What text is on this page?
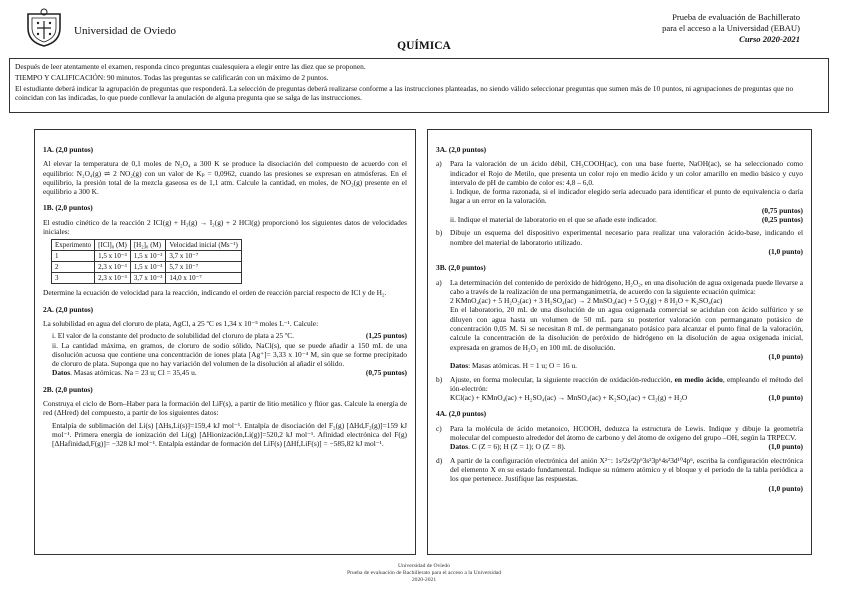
Universidad de Oviedo
Prueba de evaluación de Bachillerato
para el acceso a la Universidad (EBAU)
Curso 2020-2021
QUÍMICA

Después de leer atentamente el examen, responda cinco preguntas cualesquiera a elegir entre las diez que se proponen.

TIEMPO Y CALIFICACIÓN: 90 minutos. Todas las preguntas se calificarán con un máximo de 2 puntos.

El estudiante deberá indicar la agrupación de preguntas que responderá. La selección de preguntas deberá realizarse conforme a las instrucciones planteadas, no siendo válido seleccionar preguntas que sumen más de 10 puntos, ni agrupaciones de preguntas que no coincidan con las indicadas, lo que puede conllevar la anulación de alguna pregunta que se salga de las instrucciones.

1A. (2,0 puntos)
Al elevar la temperatura de 0,1 moles de N₂O₄ a 300 K se produce la disociación del compuesto de acuerdo con el equilibrio: N₂O₄(g) ⇌ 2 NO₂(g) con un valor de Kₚ = 0,0962, cuando las presiones se expresan en atmósferas. En el equilibrio, la presión total de la mezcla gaseosa es de 1,1 atm. Calcule la cantidad, en moles, de NO₂(g) presente en el equilibrio a 300 K.
1B. (2,0 puntos)
El estudio cinético de la reacción 2 ICl(g) + H₂(g) → I₂(g) + 2 HCl(g) proporcionó los siguientes datos de velocidades iniciales:
Experimento	[ICl]₀ (M)	[H₂]₀ (M)	Velocidad inicial (Ms⁻¹)
1	1,5 x 10⁻³	1,5 x 10⁻³	3,7 x 10⁻⁷
2	2,3 x 10⁻³	1,5 x 10⁻³	5,7 x 10⁻⁷
3	2,3 x 10⁻³	3,7 x 10⁻³	14,0 x 10⁻⁷
Determine la ecuación de velocidad para la reacción, indicando el orden de reacción parcial respecto de ICl y de H₂.
2A. (2,0 puntos)
La solubilidad en agua del cloruro de plata, AgCl, a 25 ºC es 1,34 x 10⁻⁵ moles L⁻¹. Calcule:
i. El valor de la constante del producto de solubilidad del cloruro de plata a 25 ºC.	(1,25 puntos)
ii. La cantidad máxima, en gramos, de cloruro de sodio sólido, NaCl(s), que se puede añadir a 150 mL de una disolución acuosa que contiene una concentración de iones plata [Ag⁺]= 3,33 x 10⁻⁴ M, sin que se forme precipitado de cloruro de plata. Suponga que no hay variación del volumen de la disolución al añadir el sólido.
Datos. Masas atómicas. Na = 23 u; Cl = 35,45 u.	(0,75 puntos)
2B. (2,0 puntos)
Construya el ciclo de Born–Haber para la formación del LiF(s), a partir de litio metálico y flúor gas. Calcule la energía de red (ΔHred) del compuesto, a partir de los siguientes datos:
Entalpía de sublimación del Li(s) [ΔHs,Li(s)]=159,4 kJ mol⁻¹. Entalpía de disociación del F₂(g) [ΔHd,F₂(g)]=159 kJ mol⁻¹. Primera energía de ionización del Li(g) [ΔHionización,Li(g)]=520,2 kJ mol⁻¹. Afinidad electrónica del F(g) [ΔHafinidad,F(g)]= −328 kJ mol⁻¹. Entalpía estándar de formación del LiF(s) [ΔHf,LiF(s)] = −585,82 kJ mol⁻¹.
3A. (2,0 puntos)
a)	Para la valoración de un ácido débil, CH₃COOH(ac), con una base fuerte, NaOH(ac), se ha seleccionado como indicador el Rojo de Metilo, que presenta un color rojo en medio ácido y un color amarillo en medio básico y cuyo intervalo de pH de cambio de color es: 4,8 – 6,0.
i. Indique, de forma razonada, si el indicador elegido sería adecuado para identificar el punto de equivalencia o daría lugar a un error en la valoración.
(0,75 puntos)
ii. Indique el material de laboratorio en el que se añade este indicador.	(0,25 puntos)
b)	Dibuje un esquema del dispositivo experimental necesario para realizar una valoración ácido-base, indicando el nombre del material de laboratorio utilizado.
(1,0 punto)
3B. (2,0 puntos)
a)	La determinación del contenido de peróxido de hidrógeno, H₂O₂, en una disolución de agua oxigenada puede llevarse a cabo a través de la realización de una permanganimetría, de acuerdo con la siguiente ecuación química:
2 KMnO₄(ac) + 5 H₂O₂(ac) + 3 H₂SO₄(ac) → 2 MnSO₄(ac) + 5 O₂(g) + 8 H₂O + K₂SO₄(ac)
En el laboratorio, 20 mL de una disolución de un agua oxigenada comercial se acidulan con ácido sulfúrico y se diluyen con agua hasta un volumen de 50 mL para su posterior valoración con permanganato potásico de concentración 0,05 M. Si se necesitan 8 mL de permanganato potásico para alcanzar el punto final de la valoración, calcule la concentración de la disolución de peróxido de hidrógeno en la disolución de agua oxigenada inicial, expresada en gramos de H₂O₂ en 100 mL de disolución.
(1,0 punto)
Datos: Masas atómicas. H = 1 u; O = 16 u.
b)	Ajuste, en forma molecular, la siguiente reacción de oxidación-reducción, en medio ácido, empleando el método del ión-electrón:
KCl(ac) + KMnO₄(ac) + H₂SO₄(ac) → MnSO₄(ac) + K₂SO₄(ac) + Cl₂(g) + H₂O	(1,0 punto)
4A. (2,0 puntos)
c)	Para la molécula de ácido metanoico, HCOOH, deduzca la estructura de Lewis. Indique y dibuje la geometría molecular del compuesto alrededor del átomo de carbono y del átomo de oxígeno del grupo –OH, según la TRPECV.
Datos. C (Z = 6); H (Z = 1); O (Z = 8).	(1,0 punto)
d)	A partir de la configuración electrónica del anión X²⁻: 1s²2s²2p⁶3s²3p⁶4s²3d¹⁰4p⁶, escriba la configuración electrónica del elemento X en su estado fundamental. Indique su número atómico y el bloque y el periodo de la tabla periódica a los que pertenece. Justifique las respuestas.
(1,0 punto)
Universidad de Oviedo
Prueba de evaluación de Bachillerato para el acceso a la Universidad
2020-2021
